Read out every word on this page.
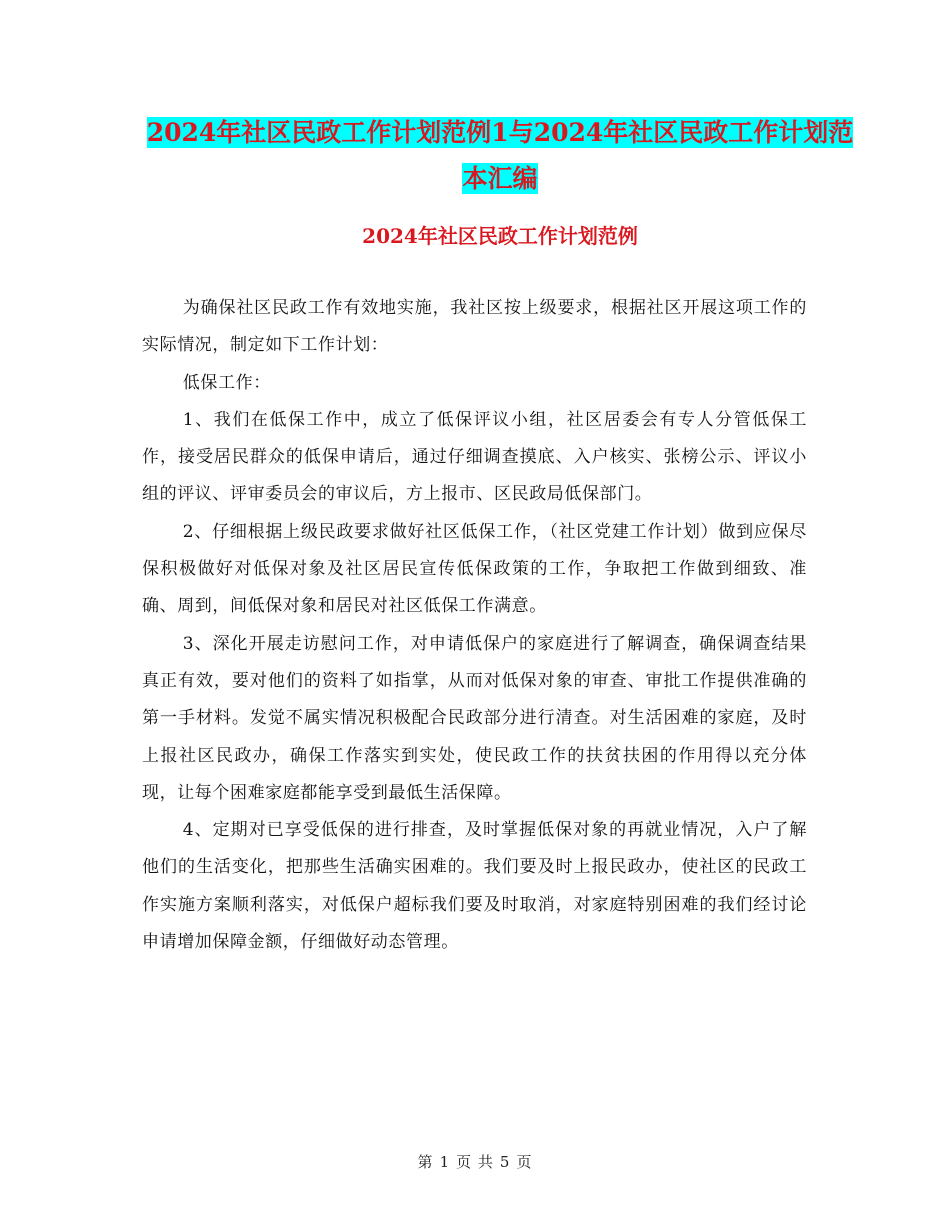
2024年社区民政工作计划范例1与2024年社区民政工作计划范本汇编
2024年社区民政工作计划范例

为确保社区民政工作有效地实施，我社区按上级要求，根据社区开展这项工作的实际情况，制定如下工作计划：

低保工作：

1、我们在低保工作中，成立了低保评议小组，社区居委会有专人分管低保工作，接受居民群众的低保申请后，通过仔细调查摸底、入户核实、张榜公示、评议小组的评议、评审委员会的审议后，方上报市、区民政局低保部门。

2、仔细根据上级民政要求做好社区低保工作，（社区党建工作计划）做到应保尽保积极做好对低保对象及社区居民宣传低保政策的工作，争取把工作做到细致、准确、周到，间低保对象和居民对社区低保工作满意。

3、深化开展走访慰问工作，对申请低保户的家庭进行了解调查，确保调查结果真正有效，要对他们的资料了如指掌，从而对低保对象的审查、审批工作提供准确的第一手材料。发觉不属实情况积极配合民政部分进行清查。对生活困难的家庭，及时上报社区民政办，确保工作落实到实处，使民政工作的扶贫扶困的作用得以充分体现，让每个困难家庭都能享受到最低生活保障。

4、定期对已享受低保的进行排查，及时掌握低保对象的再就业情况，入户了解他们的生活变化，把那些生活确实困难的。我们要及时上报民政办，使社区的民政工作实施方案顺利落实，对低保户超标我们要及时取消，对家庭特别困难的我们经讨论申请增加保障金额，仔细做好动态管理。

第 1 页 共 5 页
